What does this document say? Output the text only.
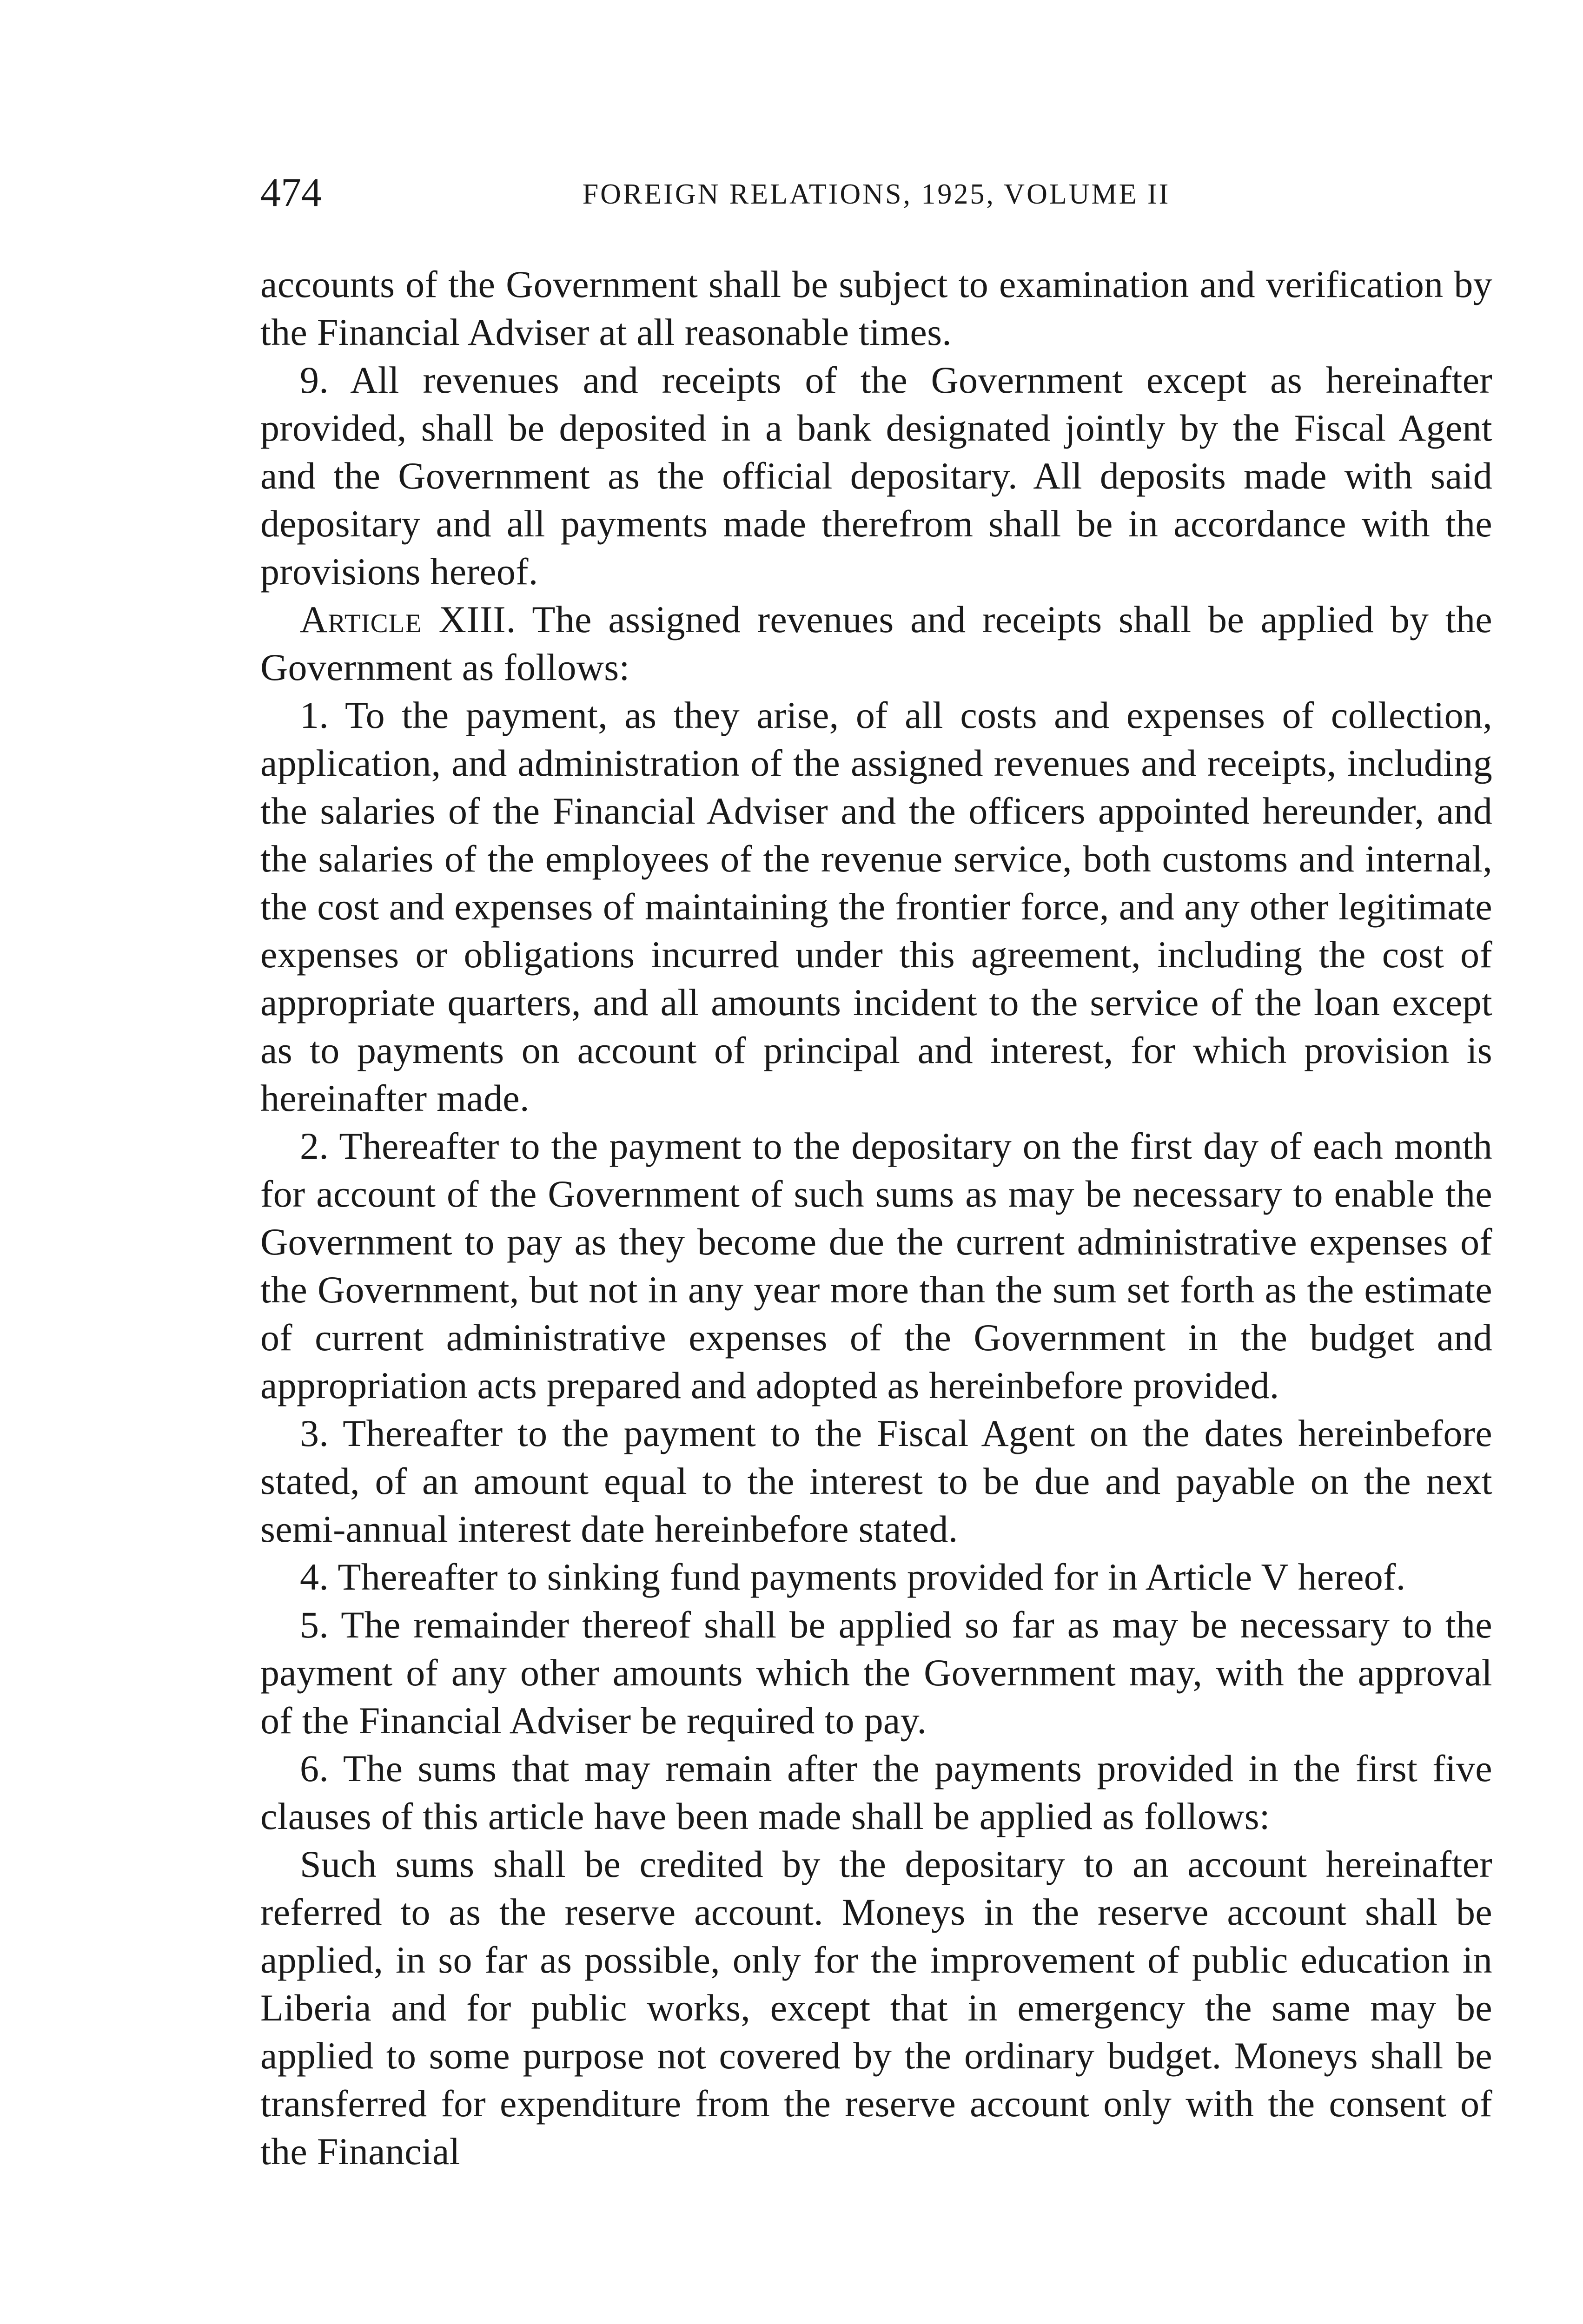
474	FOREIGN RELATIONS, 1925, VOLUME II

accounts of the Government shall be subject to examination and verification by the Financial Adviser at all reasonable times.

9. All revenues and receipts of the Government except as hereinafter provided, shall be deposited in a bank designated jointly by the Fiscal Agent and the Government as the official depositary. All deposits made with said depositary and all payments made therefrom shall be in accordance with the provisions hereof.

Article XIII. The assigned revenues and receipts shall be applied by the Government as follows:

1. To the payment, as they arise, of all costs and expenses of collection, application, and administration of the assigned revenues and receipts, including the salaries of the Financial Adviser and the officers appointed hereunder, and the salaries of the employees of the revenue service, both customs and internal, the cost and expenses of maintaining the frontier force, and any other legitimate expenses or obligations incurred under this agreement, including the cost of appropriate quarters, and all amounts incident to the service of the loan except as to payments on account of principal and interest, for which provision is hereinafter made.

2. Thereafter to the payment to the depositary on the first day of each month for account of the Government of such sums as may be necessary to enable the Government to pay as they become due the current administrative expenses of the Government, but not in any year more than the sum set forth as the estimate of current administrative expenses of the Government in the budget and appropriation acts prepared and adopted as hereinbefore provided.

3. Thereafter to the payment to the Fiscal Agent on the dates hereinbefore stated, of an amount equal to the interest to be due and payable on the next semi-annual interest date hereinbefore stated.

4. Thereafter to sinking fund payments provided for in Article V hereof.

5. The remainder thereof shall be applied so far as may be necessary to the payment of any other amounts which the Government may, with the approval of the Financial Adviser be required to pay.

6. The sums that may remain after the payments provided in the first five clauses of this article have been made shall be applied as follows:

Such sums shall be credited by the depositary to an account hereinafter referred to as the reserve account. Moneys in the reserve account shall be applied, in so far as possible, only for the improvement of public education in Liberia and for public works, except that in emergency the same may be applied to some purpose not covered by the ordinary budget. Moneys shall be transferred for expenditure from the reserve account only with the consent of the Financial
